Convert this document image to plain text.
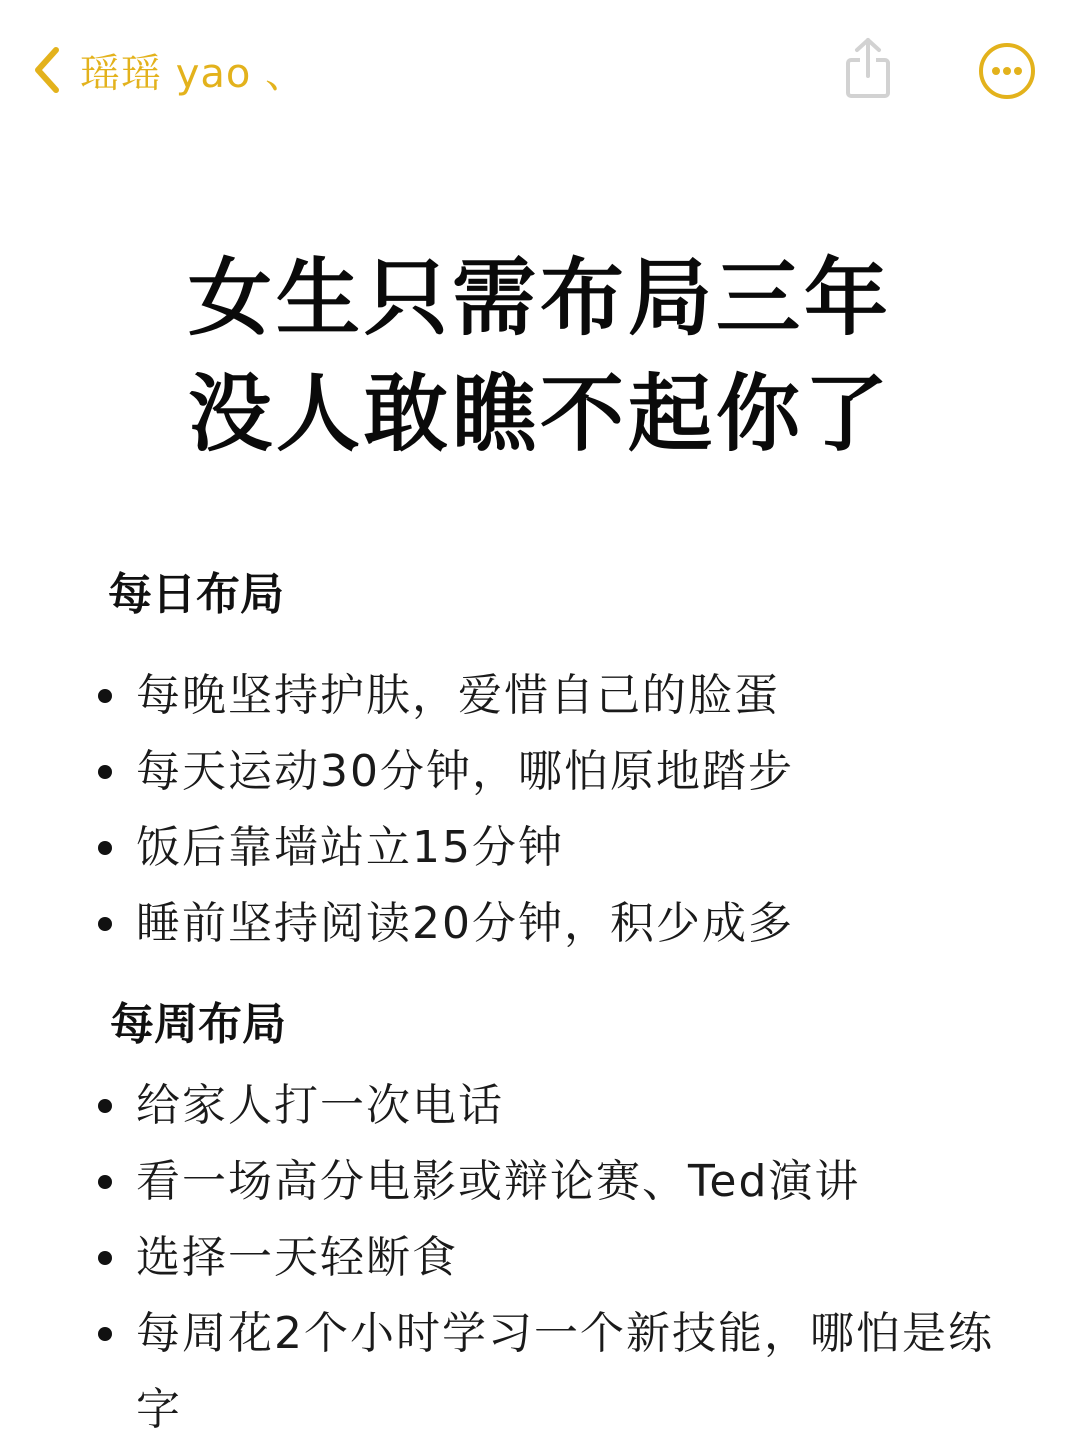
瑶瑶 yao 、
女生只需布局三年
没人敢瞧不起你了
每日布局
每晚坚持护肤，爱惜自己的脸蛋
每天运动30分钟，哪怕原地踏步
饭后靠墙站立15分钟
睡前坚持阅读20分钟，积少成多
每周布局
给家人打一次电话
看一场高分电影或辩论赛、Ted演讲
选择一天轻断食
每周花2个小时学习一个新技能，哪怕是练字
